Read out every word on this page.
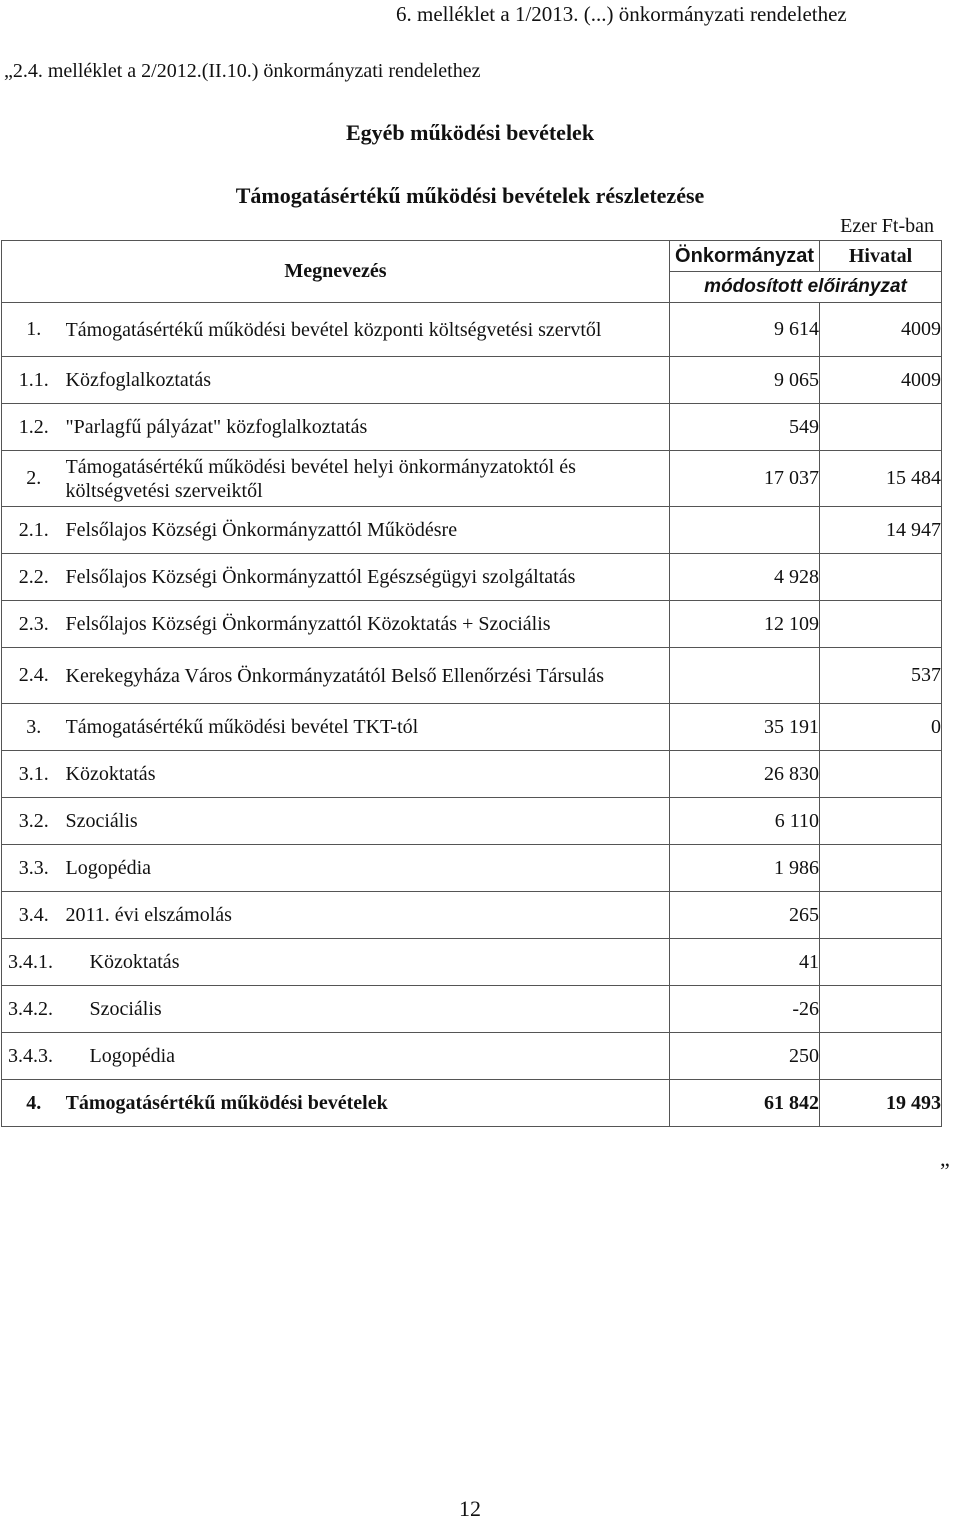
6. melléklet a 1/2013. (...) önkormányzati rendelethez
„2.4. melléklet a 2/2012.(II.10.) önkormányzati rendelethez
Egyéb működési bevételek
Támogatásértékű működési bevételek részletezése
Ezer Ft-ban
Megnevezés		Önkormányzat	Hivatal
		módosított előirányzat	
1.	Támogatásértékű működési bevétel központi költségvetési szervtől	9 614	4009
1.1.	Közfoglalkoztatás	9 065	4009
1.2.	"Parlagfű pályázat" közfoglalkoztatás	549	
2.	Támogatásértékű működési bevétel helyi önkormányzatoktól és költségvetési szerveiktől	17 037	15 484
2.1.	Felsőlajos Községi Önkormányzattól Működésre		14 947
2.2.	Felsőlajos Községi Önkormányzattól Egészségügyi szolgáltatás	4 928	
2.3.	Felsőlajos Községi Önkormányzattól Közoktatás + Szociális	12 109	
2.4.	Kerekegyháza Város Önkormányzatától Belső Ellenőrzési Társulás		537
3.	Támogatásértékű működési bevétel TKT-tól	35 191	0
3.1.	Közoktatás	26 830	
3.2.	Szociális	6 110	
3.3.	Logopédia	1 986	
3.4.	2011. évi elszámolás	265	
3.4.1.	Közoktatás	41	
3.4.2.	Szociális	-26	
3.4.3.	Logopédia	250	
4.	Támogatásértékű működési bevételek	61 842	19 493
”
12
